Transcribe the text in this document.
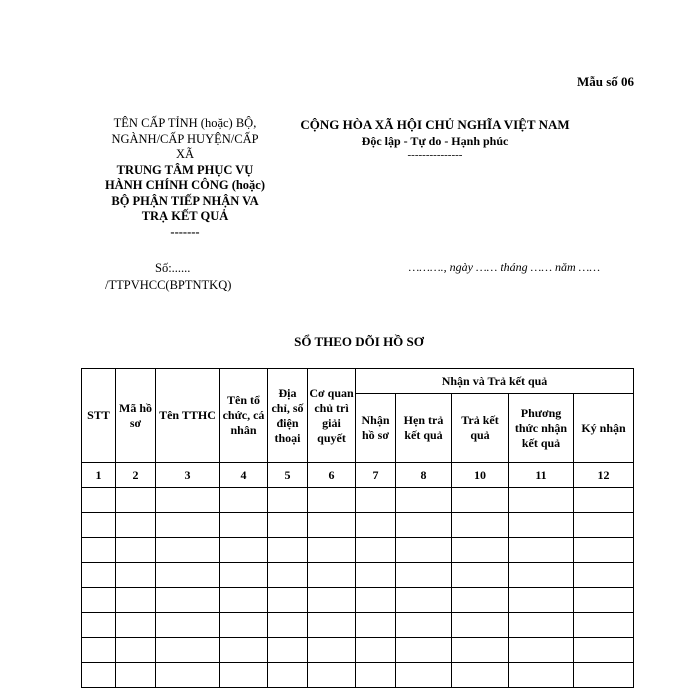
Mẫu số 06
TÊN CẤP TỈNH (hoặc) BỘ,
NGÀNH/CẤP HUYỆN/CẤP
XÃ
TRUNG TÂM PHỤC VỤ
HÀNH CHÍNH CÔNG (hoặc)
BỘ PHẬN TIẾP NHẬN VA
TRẠ KẾT QUẢ
-------
Số:......
/TTPVHCC(BPTNTKQ)
CỘNG HÒA XÃ HỘI CHỦ NGHĨA VIỆT NAM
Độc lập - Tự do - Hạnh phúc
---------------
………., ngày …… tháng …… năm ……
SỔ THEO DÕI HỒ SƠ
STT	Mã hồ sơ	Tên TTHC	Tên tổ chức, cá nhân	Địa chỉ, số điện thoại	Cơ quan chủ trì giải quyết	Nhận và Trả kết quả				
						Nhận hồ sơ	Hẹn trả kết quả	Trả kết quả	Phương thức nhận kết quả	Ký nhận
1	2	3	4	5	6	7	8	10	11	12
